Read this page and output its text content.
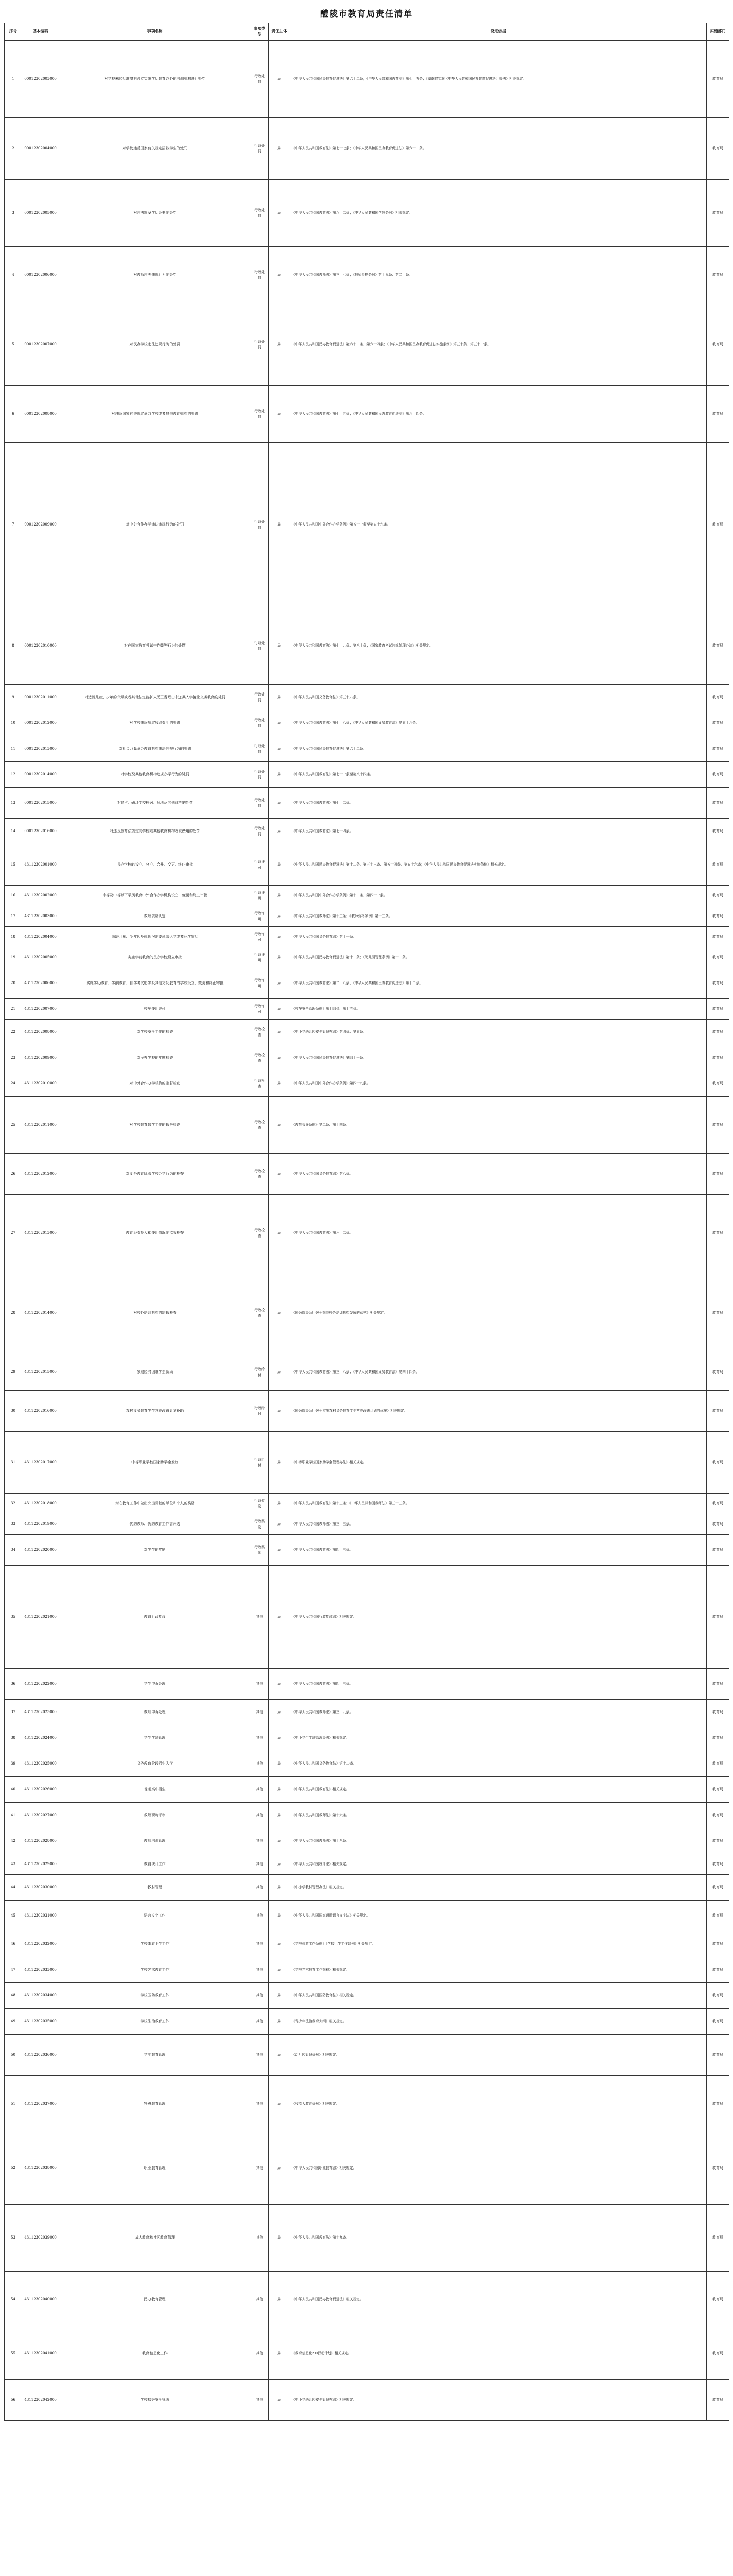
醴陵市教育局责任清单
序号	基本编码	事项名称	事项类型	责任主体	设定依据	实施部门
1	00012302003000	对学校未经批准擅自设立实施学历教育以外的培训机构进行处罚	行政处罚	局	《中华人民共和国民办教育促进法》第六十二条；《中华人民共和国教育法》第七十五条；《湖南省实施〈中华人民共和国民办教育促进法〉办法》相关规定。	教育局
2	00012302004000	对学校违反国家有关规定招收学生的处罚	行政处罚	局	《中华人民共和国教育法》第七十七条；《中华人民共和国民办教育促进法》第六十二条。	教育局
3	00012302005000	对违法颁发学历证书的处罚	行政处罚	局	《中华人民共和国教育法》第八十二条；《中华人民共和国学位条例》相关规定。	教育局
4	00012302006000	对教师违法违规行为的处罚	行政处罚	局	《中华人民共和国教师法》第三十七条；《教师资格条例》第十九条、第二十条。	教育局
5	00012302007000	对民办学校违法违规行为的处罚	行政处罚	局	《中华人民共和国民办教育促进法》第六十二条、第六十四条；《中华人民共和国民办教育促进法实施条例》第五十条、第五十一条。	教育局
6	00012302008000	对违反国家有关规定举办学校或者其他教育机构的处罚	行政处罚	局	《中华人民共和国教育法》第七十五条；《中华人民共和国民办教育促进法》第六十四条。	教育局
7	00012302009000	对中外合作办学违法违规行为的处罚	行政处罚	局	《中华人民共和国中外合作办学条例》第五十一条至第五十九条。	教育局
8	00012302010000	对在国家教育考试中作弊等行为的处罚	行政处罚	局	《中华人民共和国教育法》第七十九条、第八十条；《国家教育考试违规处理办法》相关规定。	教育局
9	00012302011000	对适龄儿童、少年的父母或者其他法定监护人无正当理由未送其入学接受义务教育的处罚	行政处罚	局	《中华人民共和国义务教育法》第五十八条。	教育局
10	00012302012000	对学校违反规定收取费用的处罚	行政处罚	局	《中华人民共和国教育法》第七十八条；《中华人民共和国义务教育法》第五十六条。	教育局
11	00012302013000	对社会力量举办教育机构违法违规行为的处罚	行政处罚	局	《中华人民共和国民办教育促进法》第六十二条。	教育局
12	00012302014000	对学校及其他教育机构违规办学行为的处罚	行政处罚	局	《中华人民共和国教育法》第七十一条至第八十四条。	教育局
13	00012302015000	对侵占、破坏学校校舍、场地及其他财产的处罚	行政处罚	局	《中华人民共和国教育法》第七十二条。	教育局
14	00012302016000	对违反教育法规定向学校或其他教育机构收取费用的处罚	行政处罚	局	《中华人民共和国教育法》第七十四条。	教育局
15	43112302001000	民办学校的设立、分立、合并、变更、终止审批	行政许可	局	《中华人民共和国民办教育促进法》第十二条、第五十三条、第五十四条、第五十六条；《中华人民共和国民办教育促进法实施条例》相关规定。	教育局
16	43112302002000	中等及中等以下学历教育中外合作办学机构设立、变更和终止审批	行政许可	局	《中华人民共和国中外合作办学条例》第十二条、第四十一条。	教育局
17	43112302003000	教师资格认定	行政许可	局	《中华人民共和国教师法》第十三条；《教师资格条例》第十三条。	教育局
18	43112302004000	适龄儿童、少年因身体状况需要延缓入学或者休学审批	行政许可	局	《中华人民共和国义务教育法》第十一条。	教育局
19	43112302005000	实施学前教育的民办学校设立审批	行政许可	局	《中华人民共和国民办教育促进法》第十二条；《幼儿园管理条例》第十一条。	教育局
20	43112302006000	实施学历教育、学前教育、自学考试助学及其他文化教育的学校设立、变更和终止审批	行政许可	局	《中华人民共和国教育法》第二十八条；《中华人民共和国民办教育促进法》第十二条。	教育局
21	43112302007000	校车使用许可	行政许可	局	《校车安全管理条例》第十四条、第十五条。	教育局
22	43112302008000	对学校安全工作的检查	行政检查	局	《中小学幼儿园安全管理办法》第四条、第五条。	教育局
23	43112302009000	对民办学校的年度检查	行政检查	局	《中华人民共和国民办教育促进法》第四十一条。	教育局
24	43112302010000	对中外合作办学机构的监督检查	行政检查	局	《中华人民共和国中外合作办学条例》第四十九条。	教育局
25	43112302011000	对学校教育教学工作的督导检查	行政检查	局	《教育督导条例》第二条、第十四条。	教育局
26	43112302012000	对义务教育阶段学校办学行为的检查	行政检查	局	《中华人民共和国义务教育法》第八条。	教育局
27	43112302013000	教育经费投入和使用情况的监督检查	行政检查	局	《中华人民共和国教育法》第六十二条。	教育局
28	43112302014000	对校外培训机构的监督检查	行政检查	局	《国务院办公厅关于规范校外培训机构发展的意见》相关规定。	教育局
29	43112302015000	家庭经济困难学生资助	行政给付	局	《中华人民共和国教育法》第三十八条；《中华人民共和国义务教育法》第四十四条。	教育局
30	43112302016000	农村义务教育学生营养改善计划补助	行政给付	局	《国务院办公厅关于实施农村义务教育学生营养改善计划的意见》相关规定。	教育局
31	43112302017000	中等职业学校国家助学金发放	行政给付	局	《中等职业学校国家助学金管理办法》相关规定。	教育局
32	43112302018000	对在教育工作中做出突出贡献的单位和个人的奖励	行政奖励	局	《中华人民共和国教育法》第十三条；《中华人民共和国教师法》第三十三条。	教育局
33	43112302019000	优秀教师、优秀教育工作者评选	行政奖励	局	《中华人民共和国教师法》第三十三条。	教育局
34	43112302020000	对学生的奖励	行政奖励	局	《中华人民共和国教育法》第四十三条。	教育局
35	43112302021000	教育行政复议	其他	局	《中华人民共和国行政复议法》相关规定。	教育局
36	43112302022000	学生申诉处理	其他	局	《中华人民共和国教育法》第四十三条。	教育局
37	43112302023000	教师申诉处理	其他	局	《中华人民共和国教师法》第三十九条。	教育局
38	43112302024000	学生学籍管理	其他	局	《中小学生学籍管理办法》相关规定。	教育局
39	43112302025000	义务教育阶段招生入学	其他	局	《中华人民共和国义务教育法》第十二条。	教育局
40	43112302026000	普通高中招生	其他	局	《中华人民共和国教育法》相关规定。	教育局
41	43112302027000	教师职称评审	其他	局	《中华人民共和国教师法》第十六条。	教育局
42	43112302028000	教师培训管理	其他	局	《中华人民共和国教师法》第十八条。	教育局
43	43112302029000	教育统计工作	其他	局	《中华人民共和国统计法》相关规定。	教育局
44	43112302030000	教材管理	其他	局	《中小学教材管理办法》相关规定。	教育局
45	43112302031000	语言文字工作	其他	局	《中华人民共和国国家通用语言文字法》相关规定。	教育局
46	43112302032000	学校体育卫生工作	其他	局	《学校体育工作条例》《学校卫生工作条例》相关规定。	教育局
47	43112302033000	学校艺术教育工作	其他	局	《学校艺术教育工作规程》相关规定。	教育局
48	43112302034000	学校国防教育工作	其他	局	《中华人民共和国国防教育法》相关规定。	教育局
49	43112302035000	学校法治教育工作	其他	局	《青少年法治教育大纲》相关规定。	教育局
50	43112302036000	学前教育管理	其他	局	《幼儿园管理条例》相关规定。	教育局
51	43112302037000	特殊教育管理	其他	局	《残疾人教育条例》相关规定。	教育局
52	43112302038000	职业教育管理	其他	局	《中华人民共和国职业教育法》相关规定。	教育局
53	43112302039000	成人教育和社区教育管理	其他	局	《中华人民共和国教育法》第十九条。	教育局
54	43112302040000	民办教育管理	其他	局	《中华人民共和国民办教育促进法》相关规定。	教育局
55	43112302041000	教育信息化工作	其他	局	《教育信息化2.0行动计划》相关规定。	教育局
56	43112302042000	学校校舍安全管理	其他	局	《中小学幼儿园安全管理办法》相关规定。	教育局
